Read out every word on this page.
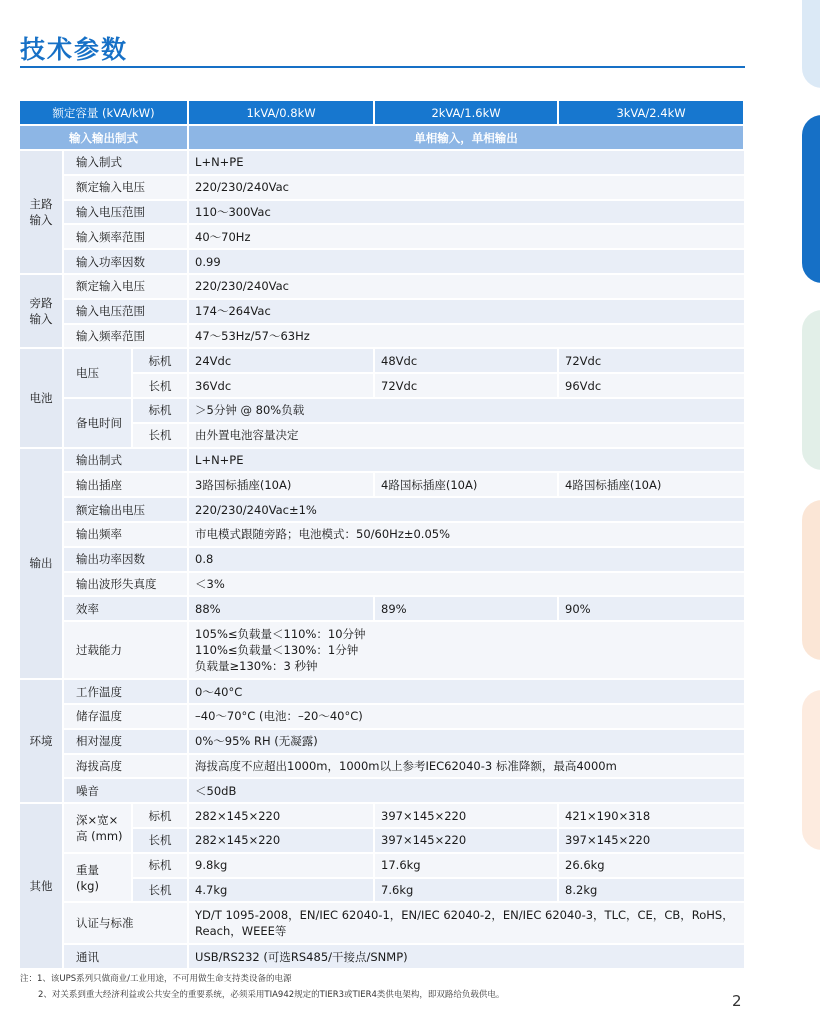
技术参数
额定容量 (kVA/kW)			1kVA/0.8kW	2kVA/1.6kW	3kVA/2.4kW
输入输出制式			单相输入，单相输出		
主路输入	输入制式		L+N+PE		
	额定输入电压		220/230/240Vac		
	输入电压范围		110～300Vac		
	输入频率范围		40～70Hz		
	输入功率因数		0.99		
旁路输入	额定输入电压		220/230/240Vac		
	输入电压范围		174～264Vac		
	输入频率范围		47～53Hz/57～63Hz		
电池	电压	标机	24Vdc	48Vdc	72Vdc
		长机	36Vdc	72Vdc	96Vdc
	备电时间	标机	＞5分钟 @ 80%负载		
		长机	由外置电池容量决定		
输出	输出制式		L+N+PE		
	输出插座		3路国标插座(10A)	4路国标插座(10A)	4路国标插座(10A)
	额定输出电压		220/230/240Vac±1%		
	输出频率		市电模式跟随旁路；电池模式：50/60Hz±0.05%		
	输出功率因数		0.8		
	输出波形失真度		＜3%		
	效率		88%	89%	90%
	过载能力		105%≤负载量＜110%：10分钟
110%≤负载量＜130%：1分钟
负载量≥130%：3 秒钟		

环境	工作温度		0～40°C		
	储存温度		–40～70°C (电池：–20～40°C)		
	相对湿度		0%～95% RH (无凝露)		
	海拔高度		海拔高度不应超出1000m，1000m以上参考IEC62040-3 标准降额，最高4000m		
	噪音		＜50dB		
其他	深×宽×高 (mm)	标机	282×145×220	397×145×220	421×190×318
		长机	282×145×220	397×145×220	397×145×220
	重量 (kg)	标机	9.8kg	17.6kg	26.6kg
		长机	4.7kg	7.6kg	8.2kg
	认证与标准		YD/T 1095-2008，EN/IEC 62040-1，EN/IEC 62040-2，EN/IEC 62040-3，TLC，CE，CB，RoHS，Reach，WEEE等		
	通讯		USB/RS232 (可选RS485/干接点/SNMP)		
注：1、该UPS系列只做商业/工业用途，不可用做生命支持类设备的电源
2、对关系到重大经济利益或公共安全的重要系统，必须采用TIA942规定的TIER3或TIER4类供电架构，即双路给负载供电。	2
